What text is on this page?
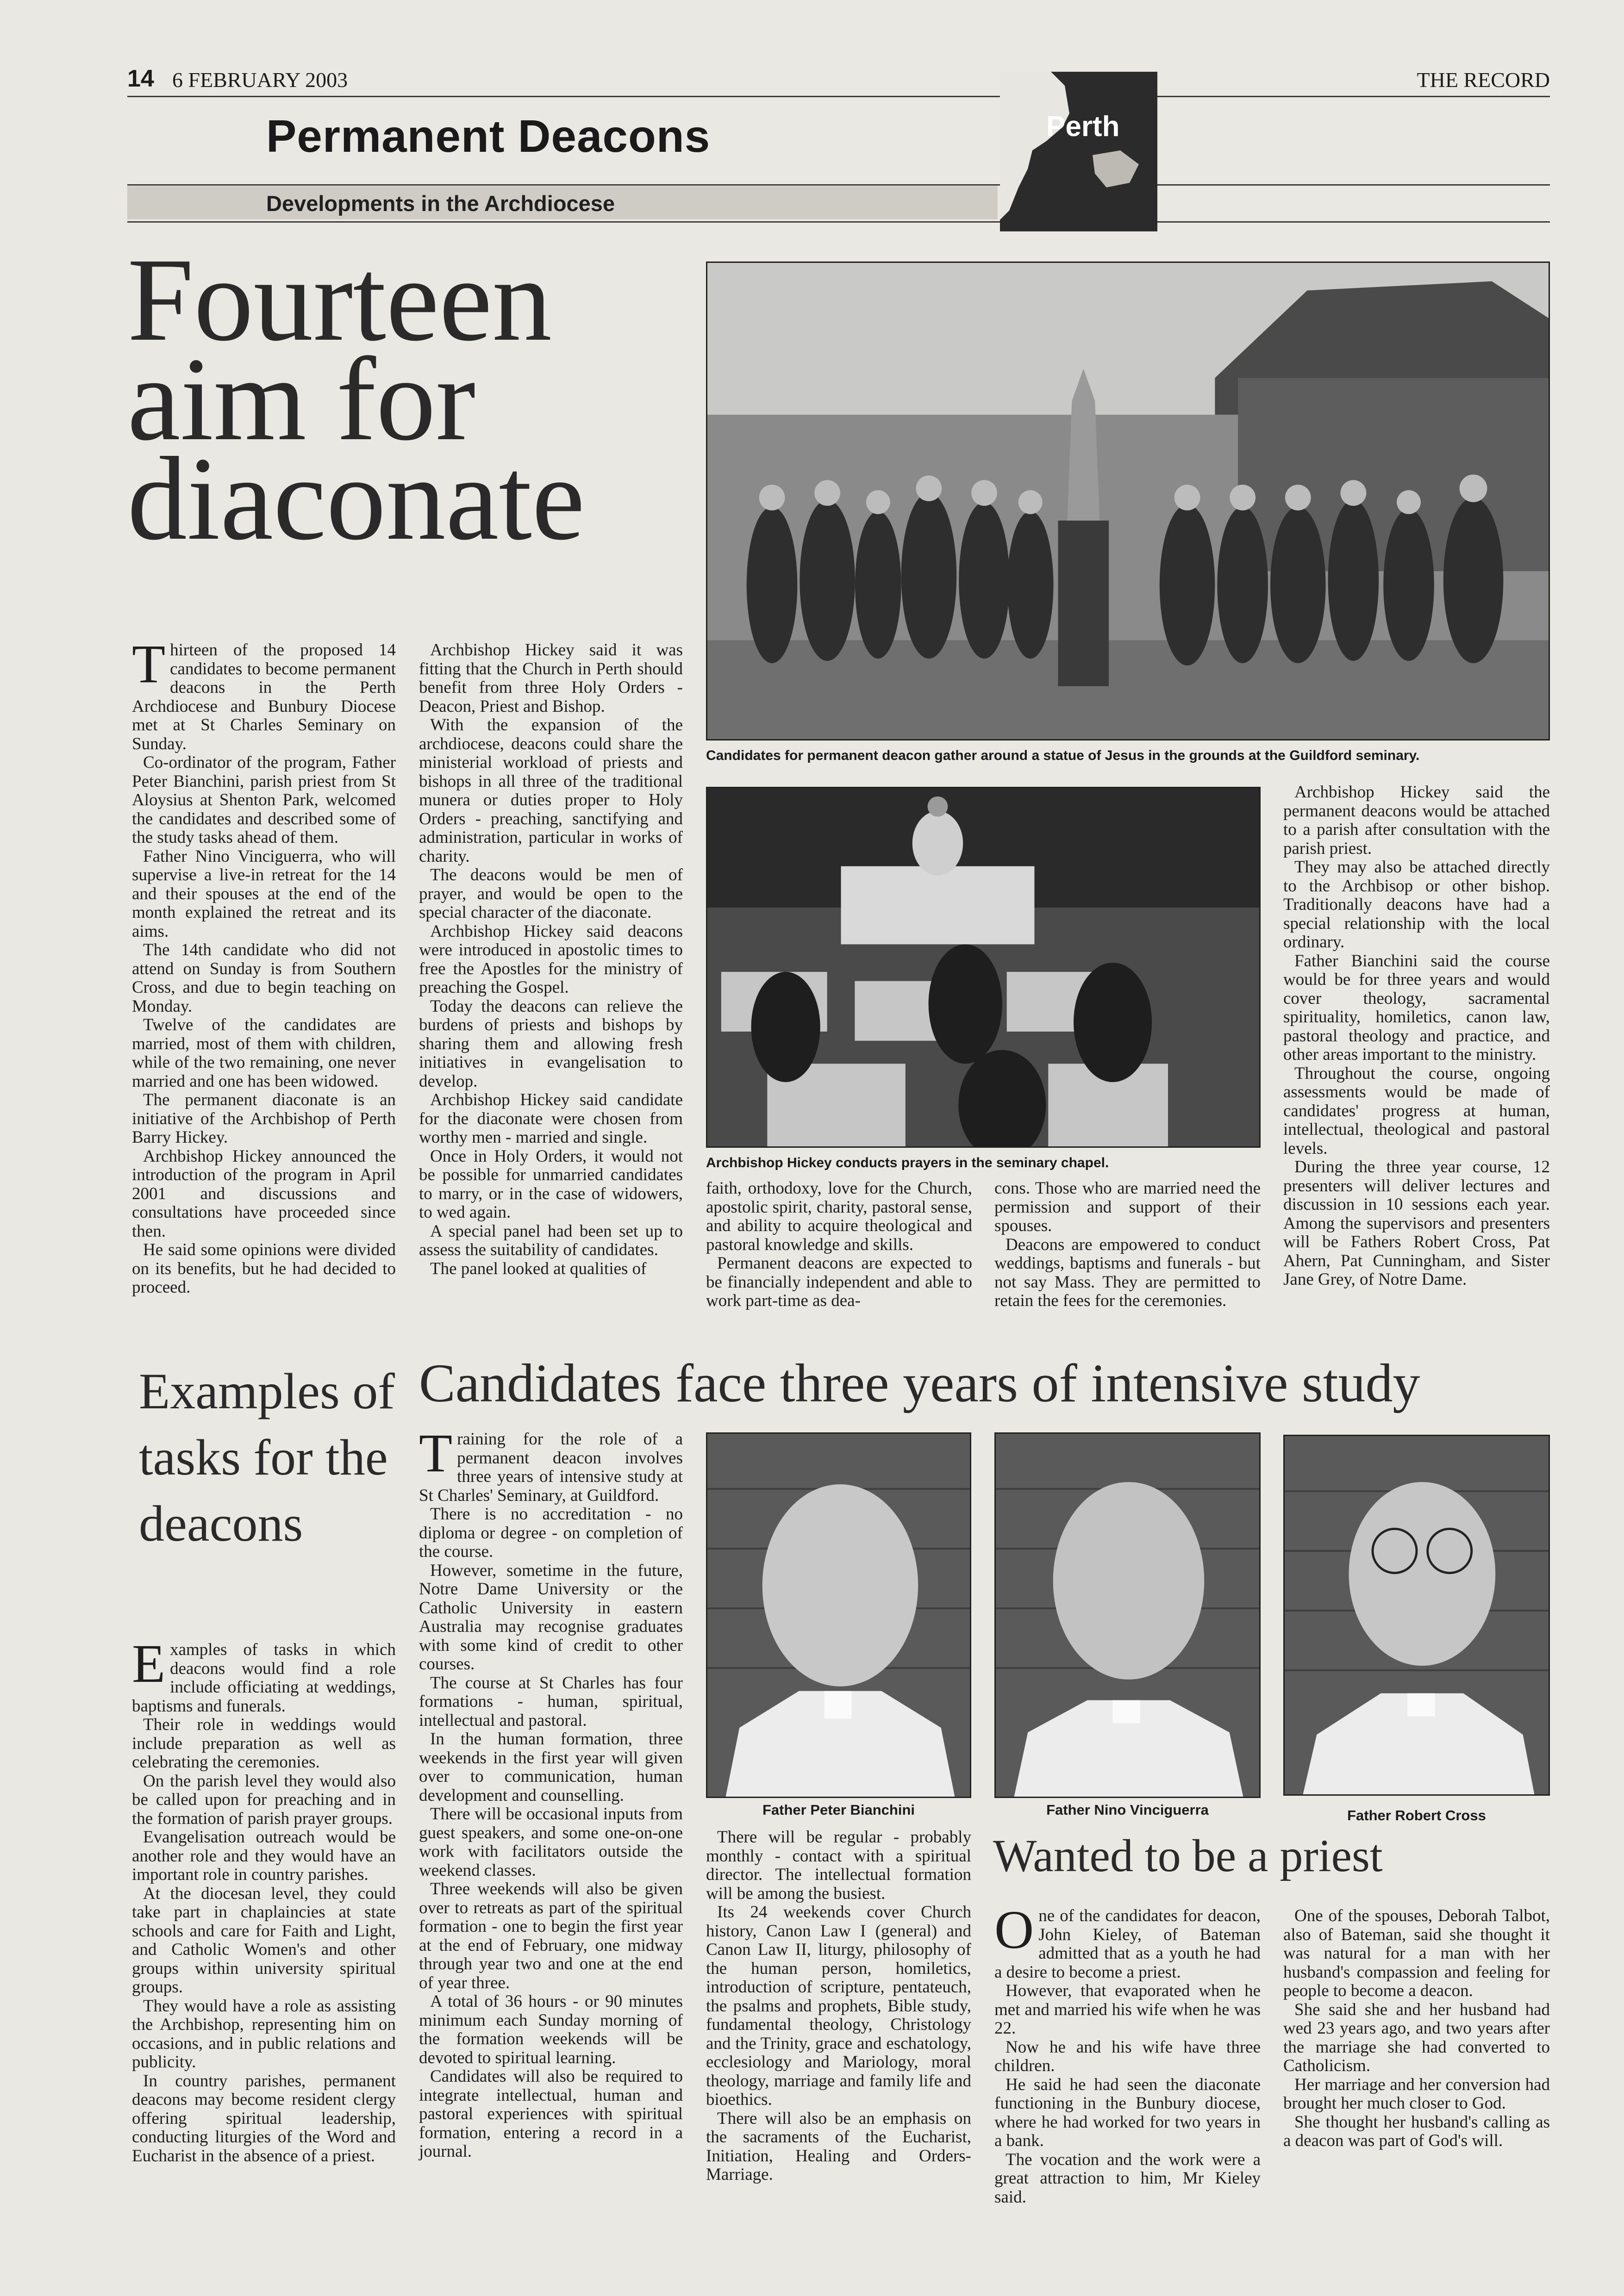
14 6 FEBRUARY 2003	THE RECORD
Permanent Deacons
Developments in the Archdiocese
Perth
Fourteen aim for diaconate

Thirteen of the proposed 14 candidates to become permanent deacons in the Perth Archdiocese and Bunbury Diocese met at St Charles Seminary on Sunday.

Co-ordinator of the program, Father Peter Bianchini, parish priest from St Aloysius at Shenton Park, welcomed the candidates and described some of the study tasks ahead of them.

Father Nino Vinciguerra, who will supervise a live-in retreat for the 14 and their spouses at the end of the month explained the retreat and its aims.

The 14th candidate who did not attend on Sunday is from Southern Cross, and due to begin teaching on Monday.

Twelve of the candidates are married, most of them with children, while of the two remaining, one never married and one has been widowed.

The permanent diaconate is an initiative of the Archbishop of Perth Barry Hickey.

Archbishop Hickey announced the introduction of the program in April 2001 and discussions and consultations have proceeded since then.

He said some opinions were divided on its benefits, but he had decided to proceed.

Archbishop Hickey said it was fitting that the Church in Perth should benefit from three Holy Orders - Deacon, Priest and Bishop.

With the expansion of the archdiocese, deacons could share the ministerial workload of priests and bishops in all three of the traditional munera or duties proper to Holy Orders - preaching, sanctifying and administration, particular in works of charity.

The deacons would be men of prayer, and would be open to the special character of the diaconate.

Archbishop Hickey said deacons were introduced in apostolic times to free the Apostles for the ministry of preaching the Gospel.

Today the deacons can relieve the burdens of priests and bishops by sharing them and allowing fresh initiatives in evangelisation to develop.

Archbishop Hickey said candidate for the diaconate were chosen from worthy men - married and single.

Once in Holy Orders, it would not be possible for unmarried candidates to marry, or in the case of widowers, to wed again.

A special panel had been set up to assess the suitability of candidates.

The panel looked at qualities of

Candidates for permanent deacon gather around a statue of Jesus in the grounds at the Guildford seminary.
Archbishop Hickey conducts prayers in the seminary chapel.

faith, orthodoxy, love for the Church, apostolic spirit, charity, pastoral sense, and ability to acquire theological and pastoral knowledge and skills.

Permanent deacons are expected to be financially independent and able to work part-time as dea-

cons. Those who are married need the permission and support of their spouses.

Deacons are empowered to conduct weddings, baptisms and funerals - but not say Mass. They are permitted to retain the fees for the ceremonies.

Archbishop Hickey said the permanent deacons would be attached to a parish after consultation with the parish priest.

They may also be attached directly to the Archbisop or other bishop. Traditionally deacons have had a special relationship with the local ordinary.

Father Bianchini said the course would be for three years and would cover theology, sacramental spirituality, homiletics, canon law, pastoral theology and practice, and other areas important to the ministry.

Throughout the course, ongoing assessments would be made of candidates' progress at human, intellectual, theological and pastoral levels.

During the three year course, 12 presenters will deliver lectures and discussion in 10 sessions each year. Among the supervisors and presenters will be Fathers Robert Cross, Pat Ahern, Pat Cunningham, and Sister Jane Grey, of Notre Dame.

Examples of tasks for the deacons

Examples of tasks in which deacons would find a role include officiating at weddings, baptisms and funerals.

Their role in weddings would include preparation as well as celebrating the ceremonies.

On the parish level they would also be called upon for preaching and in the formation of parish prayer groups.

Evangelisation outreach would be another role and they would have an important role in country parishes.

At the diocesan level, they could take part in chaplaincies at state schools and care for Faith and Light, and Catholic Women's and other groups within university spiritual groups.

They would have a role as assisting the Archbishop, representing him on occasions, and in public relations and publicity.

In country parishes, permanent deacons may become resident clergy offering spiritual leadership, conducting liturgies of the Word and Eucharist in the absence of a priest.

Candidates face three years of intensive study

Training for the role of a permanent deacon involves three years of intensive study at St Charles' Seminary, at Guildford.

There is no accreditation - no diploma or degree - on completion of the course.

However, sometime in the future, Notre Dame University or the Catholic University in eastern Australia may recognise graduates with some kind of credit to other courses.

The course at St Charles has four formations - human, spiritual, intellectual and pastoral.

In the human formation, three weekends in the first year will given over to communication, human development and counselling.

There will be occasional inputs from guest speakers, and some one-on-one work with facilitators outside the weekend classes.

Three weekends will also be given over to retreats as part of the spiritual formation - one to begin the first year at the end of February, one midway through year two and one at the end of year three.

A total of 36 hours - or 90 minutes minimum each Sunday morning of the formation weekends will be devoted to spiritual learning.

Candidates will also be required to integrate intellectual, human and pastoral experiences with spiritual formation, entering a record in a journal.

Father Peter Bianchini	Father Nino Vinciguerra	Father Robert Cross

There will be regular - probably monthly - contact with a spiritual director. The intellectual formation will be among the busiest.

Its 24 weekends cover Church history, Canon Law I (general) and Canon Law II, liturgy, philosophy of the human person, homiletics, introduction of scripture, pentateuch, the psalms and prophets, Bible study, fundamental theology, Christology and the Trinity, grace and eschatology, ecclesiology and Mariology, moral theology, marriage and family life and bioethics.

There will also be an emphasis on the sacraments of the Eucharist, Initiation, Healing and Orders-Marriage.

Wanted to be a priest

One of the candidates for deacon, John Kieley, of Bateman admitted that as a youth he had a desire to become a priest.

However, that evaporated when he met and married his wife when he was 22.

Now he and his wife have three children.

He said he had seen the diaconate functioning in the Bunbury diocese, where he had worked for two years in a bank.

The vocation and the work were a great attraction to him, Mr Kieley said.

One of the spouses, Deborah Talbot, also of Bateman, said she thought it was natural for a man with her husband's compassion and feeling for people to become a deacon.

She said she and her husband had wed 23 years ago, and two years after the marriage she had converted to Catholicism.

Her marriage and her conversion had brought her much closer to God.

She thought her husband's calling as a deacon was part of God's will.
